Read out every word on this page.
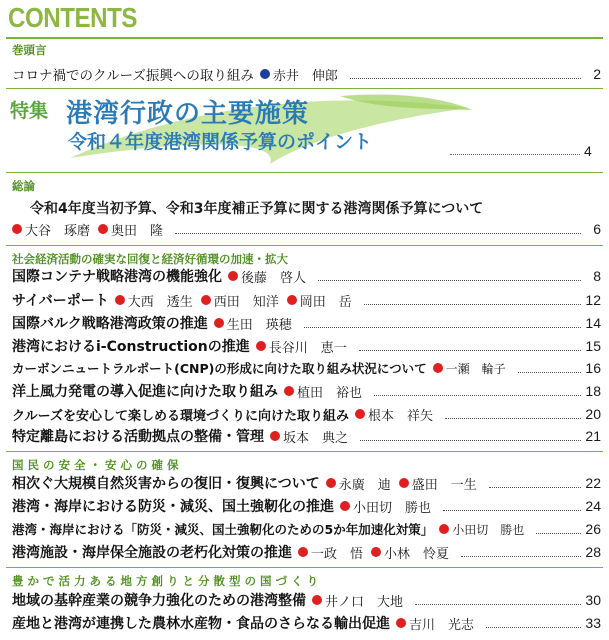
CONTENTS
巻頭言
コロナ禍でのクルーズ振興への取り組み 赤井　伸郎	2
特集 港湾行政の主要施策
令和４年度港湾関係予算のポイント	4
総論
令和4年度当初予算、令和3年度補正予算に関する港湾関係予算について
大谷　琢磨 奥田　隆	6
社会経済活動の確実な回復と経済好循環の加速・拡大
国際コンテナ戦略港湾の機能強化 後藤　啓人	8
サイバーポート 大西　透生 西田　知洋 岡田　岳	12
国際バルク戦略港湾政策の推進 生田　瑛穂	14
港湾におけるi-Constructionの推進 長谷川　恵一	15
カーボンニュートラルポート(CNP)の形成に向けた取り組み状況について 一瀬　輪子	16
洋上風力発電の導入促進に向けた取り組み 植田　裕也	18
クルーズを安心して楽しめる環境づくりに向けた取り組み 根本　祥矢	20
特定離島における活動拠点の整備・管理 坂本　典之	21
国 民 の 安 全 ・ 安 心 の 確 保
相次ぐ大規模自然災害からの復旧・復興について 永廣　迪 盛田　一生	22
港湾・海岸における防災・減災、国土強靭化の推進 小田切　勝也	24
港湾・海岸における「防災・減災、国土強靭化のための5か年加速化対策」 小田切　勝也	26
港湾施設・海岸保全施設の老朽化対策の推進 一政　悟 小林　怜夏	28
豊 か で 活 力 あ る 地 方 創 り と 分 散 型 の 国 づ く り
地域の基幹産業の競争力強化のための港湾整備 井ノ口　大地	30
産地と港湾が連携した農林水産物・食品のさらなる輸出促進 吉川　光志	33
